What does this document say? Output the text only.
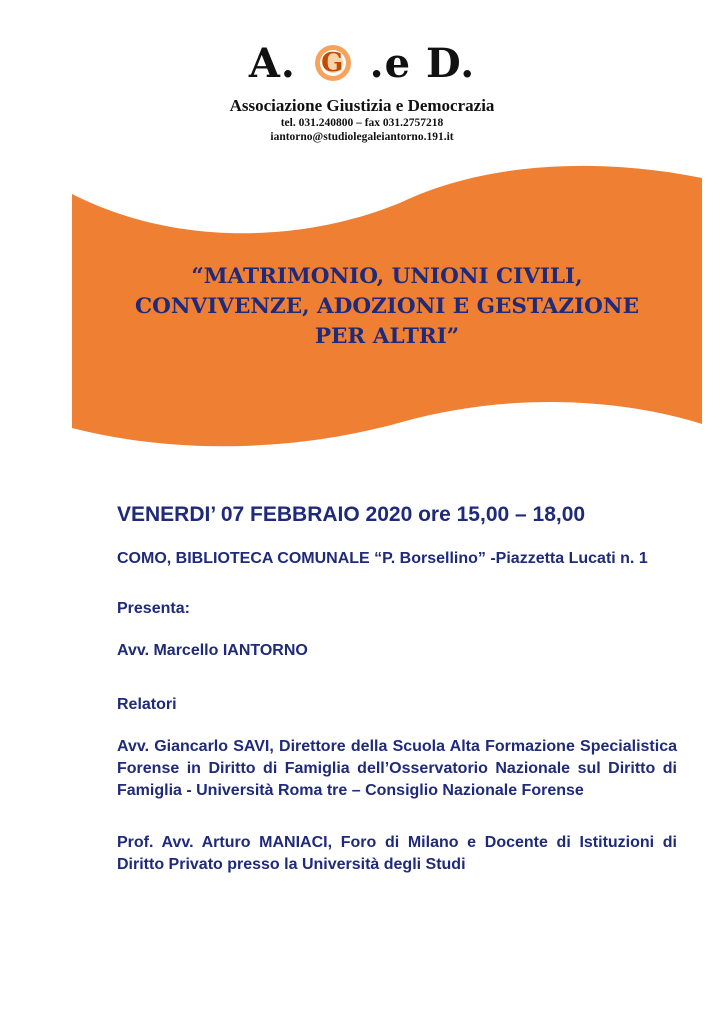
A. G .e D.
Associazione Giustizia e Democrazia
tel. 031.240800 – fax 031.2757218
iantorno@studiolegaleiantorno.191.it
“MATRIMONIO, UNIONI CIVILI,
CONVIVENZE, ADOZIONI E GESTAZIONE
PER ALTRI”

VENERDI’ 07 FEBBRAIO 2020 ore 15,00 – 18,00

COMO, BIBLIOTECA COMUNALE “P. Borsellino” -Piazzetta Lucati n. 1

Presenta:

Avv. Marcello IANTORNO

Relatori

Avv. Giancarlo SAVI, Direttore della Scuola Alta Formazione Specialistica Forense in Diritto di Famiglia dell’Osservatorio Nazionale sul Diritto di Famiglia - Università Roma tre – Consiglio Nazionale Forense

Prof. Avv. Arturo MANIACI, Foro di Milano e Docente di Istituzioni di Diritto Privato presso la Università degli Studi
